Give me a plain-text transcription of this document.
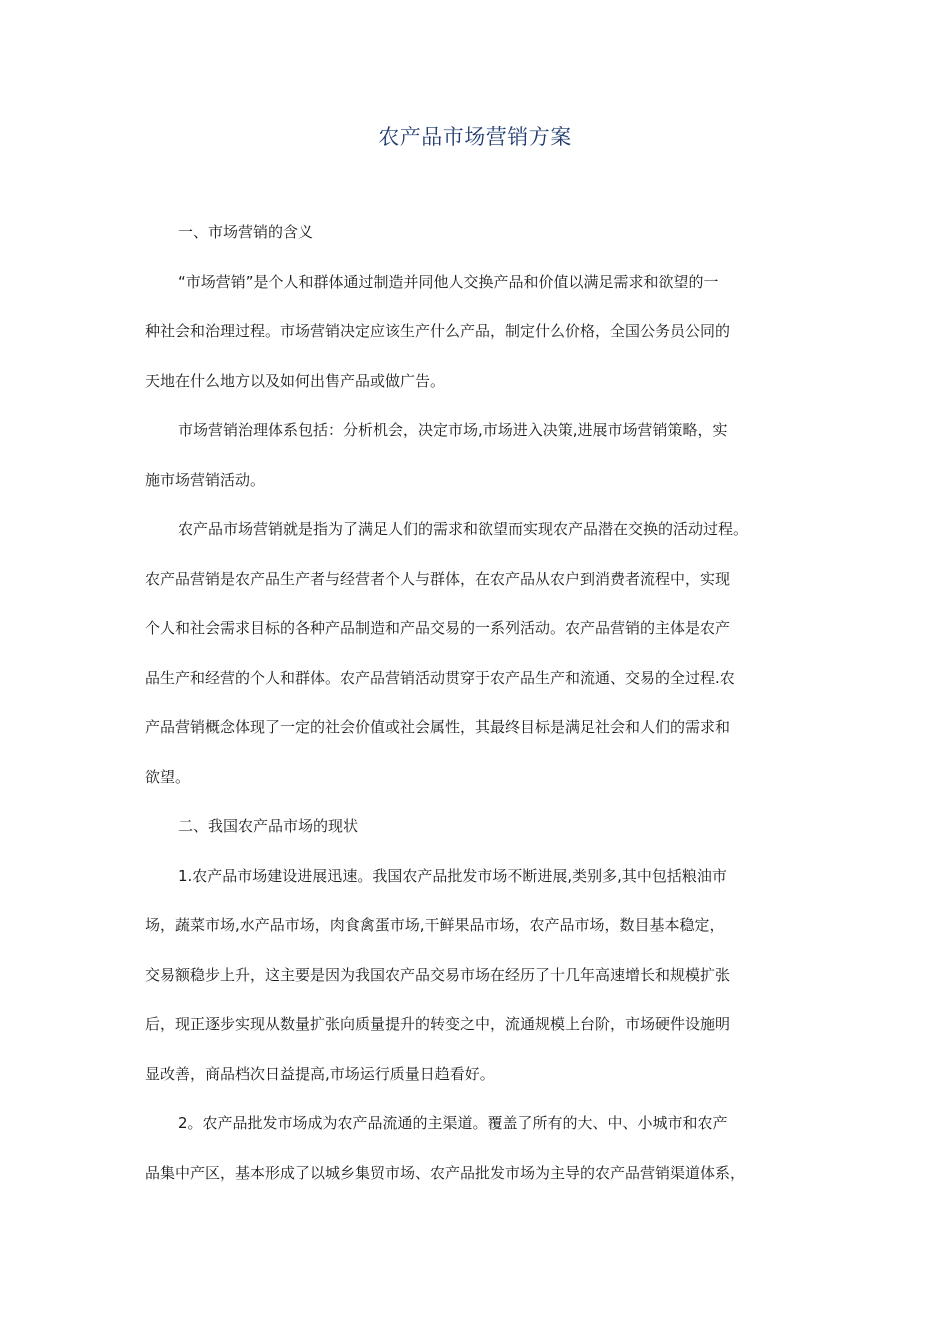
农产品市场营销方案
一、市场营销的含义
“市场营销”是个人和群体通过制造并同他人交换产品和价值以满足需求和欲望的一
种社会和治理过程。市场营销决定应该生产什么产品，制定什么价格，全国公务员公同的
天地在什么地方以及如何出售产品或做广告。
市场营销治理体系包括：分析机会，决定市场,市场进入决策,进展市场营销策略，实
施市场营销活动。
农产品市场营销就是指为了满足人们的需求和欲望而实现农产品潜在交换的活动过程。
农产品营销是农产品生产者与经营者个人与群体，在农产品从农户到消费者流程中，实现
个人和社会需求目标的各种产品制造和产品交易的一系列活动。农产品营销的主体是农产
品生产和经营的个人和群体。农产品营销活动贯穿于农产品生产和流通、交易的全过程.农
产品营销概念体现了一定的社会价值或社会属性，其最终目标是满足社会和人们的需求和
欲望。
二、我国农产品市场的现状
1.农产品市场建设进展迅速。我国农产品批发市场不断进展,类别多,其中包括粮油市
场，蔬菜市场,水产品市场，肉食禽蛋市场,干鲜果品市场，农产品市场，数目基本稳定，
交易额稳步上升，这主要是因为我国农产品交易市场在经历了十几年高速增长和规模扩张
后，现正逐步实现从数量扩张向质量提升的转变之中，流通规模上台阶，市场硬件设施明
显改善，商品档次日益提高,市场运行质量日趋看好。
2。农产品批发市场成为农产品流通的主渠道。覆盖了所有的大、中、小城市和农产
品集中产区，基本形成了以城乡集贸市场、农产品批发市场为主导的农产品营销渠道体系，
